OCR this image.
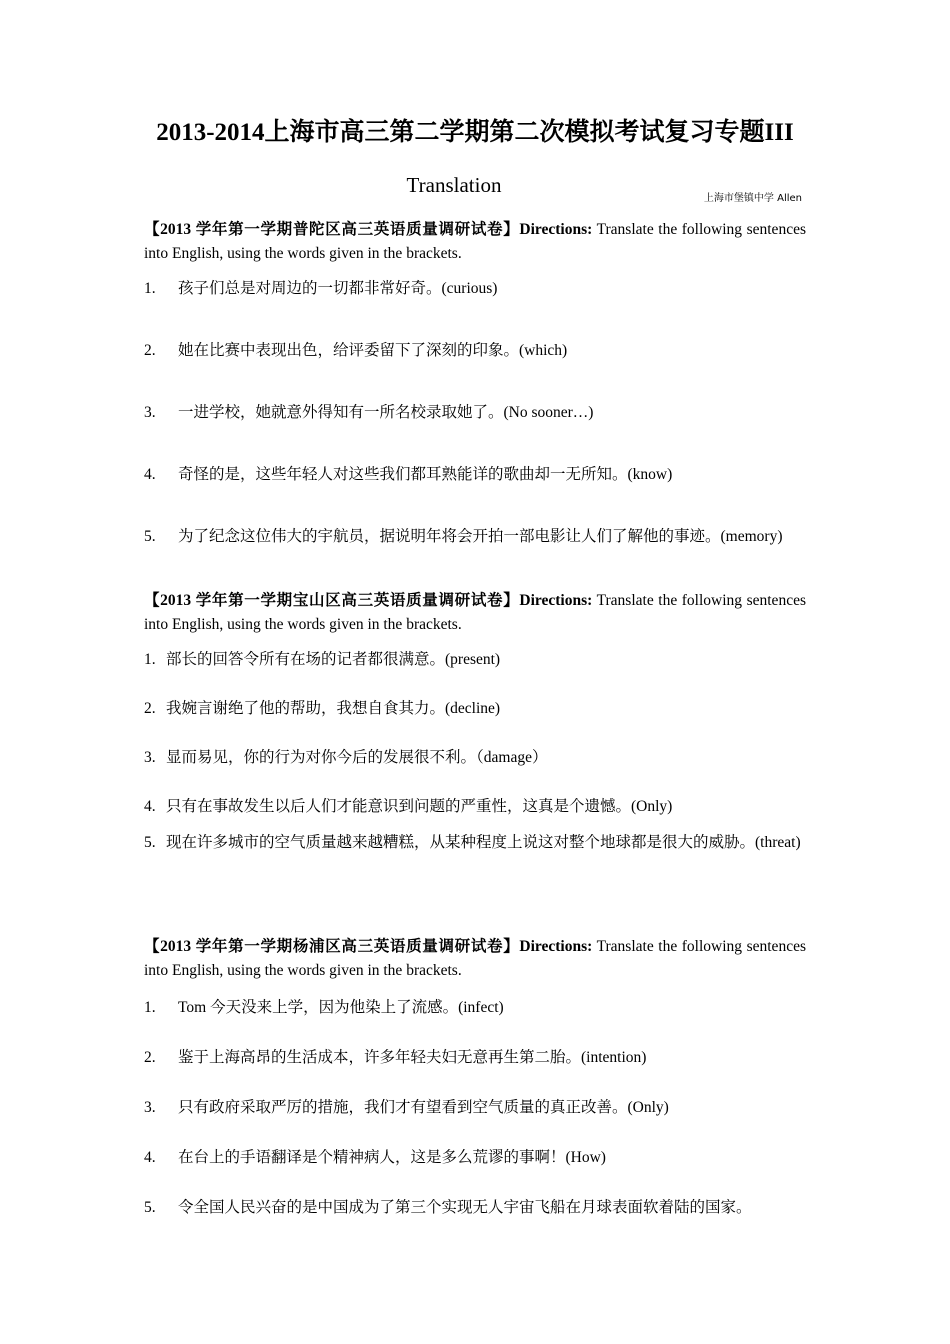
2013-2014上海市高三第二学期第二次模拟考试复习专题III
Translation
上海市堡镇中学 Allen
【2013 学年第一学期普陀区高三英语质量调研试卷】Directions: Translate the following sentences into English, using the words given in the brackets.
1.	孩子们总是对周边的一切都非常好奇。(curious)
2.	她在比赛中表现出色，给评委留下了深刻的印象。(which)
3.	一进学校，她就意外得知有一所名校录取她了。(No sooner…)
4.	奇怪的是，这些年轻人对这些我们都耳熟能详的歌曲却一无所知。(know)
5.	为了纪念这位伟大的宇航员，据说明年将会开拍一部电影让人们了解他的事迹。(memory)
【2013 学年第一学期宝山区高三英语质量调研试卷】Directions: Translate the following sentences into English, using the words given in the brackets.
1. 部长的回答令所有在场的记者都很满意。(present)
2. 我婉言谢绝了他的帮助，我想自食其力。(decline)
3. 显而易见，你的行为对你今后的发展很不利。（damage）
4. 只有在事故发生以后人们才能意识到问题的严重性，这真是个遗憾。(Only)
5. 现在许多城市的空气质量越来越糟糕，从某种程度上说这对整个地球都是很大的威胁。(threat)
【2013 学年第一学期杨浦区高三英语质量调研试卷】Directions: Translate the following sentences into English, using the words given in the brackets.
1.	Tom 今天没来上学，因为他染上了流感。(infect)
2.	鉴于上海高昂的生活成本，许多年轻夫妇无意再生第二胎。(intention)
3.	只有政府采取严厉的措施，我们才有望看到空气质量的真正改善。(Only)
4.	在台上的手语翻译是个精神病人，这是多么荒谬的事啊！(How)
5.	令全国人民兴奋的是中国成为了第三个实现无人宇宙飞船在月球表面软着陆的国家。
